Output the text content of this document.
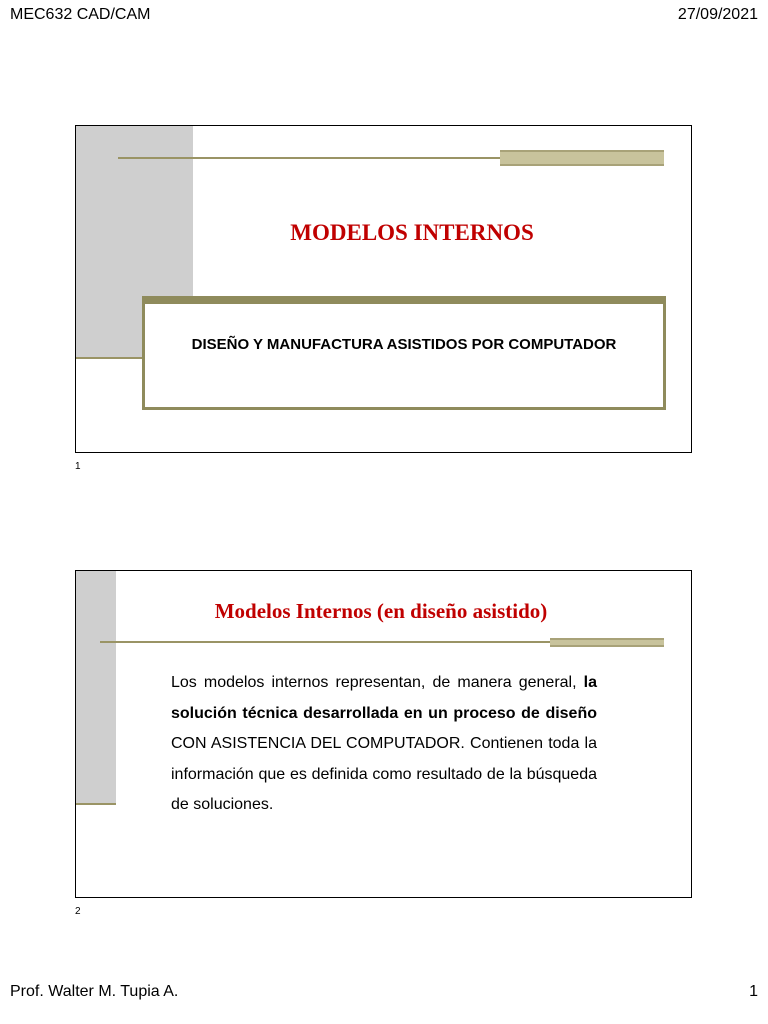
MEC632 CAD/CAM	27/09/2021
MODELOS INTERNOS
DISEÑO Y MANUFACTURA ASISTIDOS POR COMPUTADOR
1
Modelos Internos (en diseño asistido)
Los modelos internos representan, de manera general, la solución técnica desarrollada en un proceso de diseño CON ASISTENCIA DEL COMPUTADOR. Contienen toda la información que es definida como resultado de la búsqueda de soluciones.
2
Prof. Walter M. Tupia A.	1
